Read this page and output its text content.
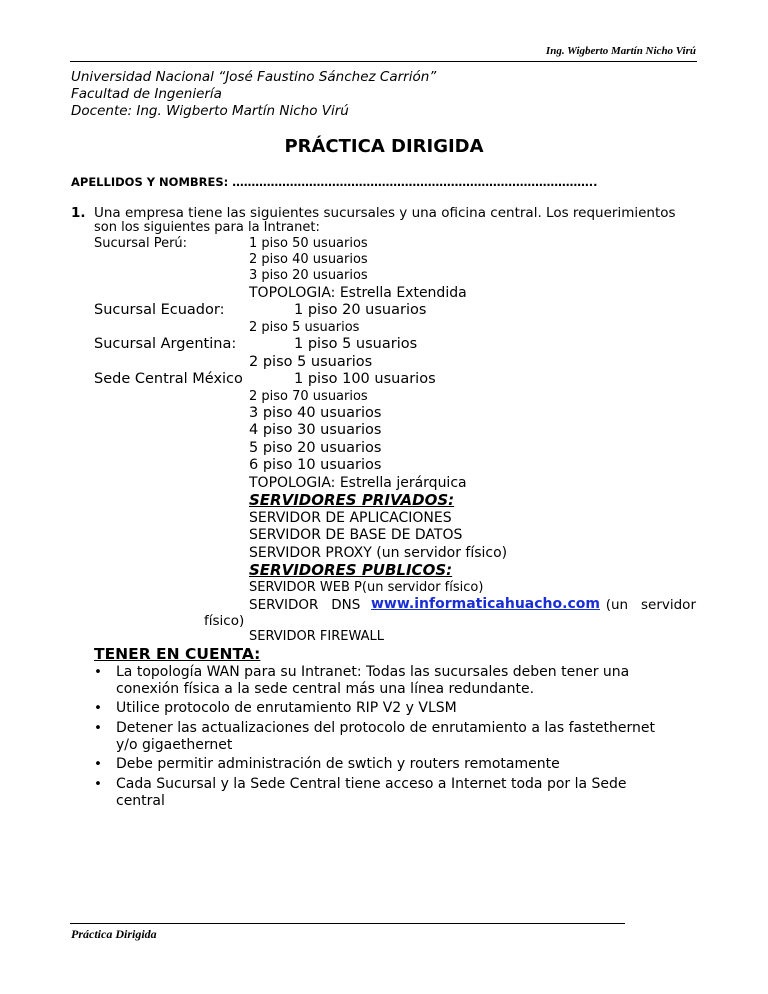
Ing. Wigberto Martín Nicho Virú
Universidad Nacional “José Faustino Sánchez Carrión”
Facultad de Ingeniería
Docente: Ing. Wigberto Martín Nicho Virú
PRÁCTICA DIRIGIDA
APELLIDOS Y NOMBRES: …………………………………………………………………………………..
1. Una empresa tiene las siguientes sucursales y una oficina central. Los requerimientos
son los siguientes para la Intranet:
Sucursal Perú:	1 piso 50 usuarios
2 piso 40 usuarios
3 piso 20 usuarios
TOPOLOGIA: Estrella Extendida
Sucursal Ecuador:	1 piso 20 usuarios
2 piso 5 usuarios
Sucursal Argentina:	1 piso 5 usuarios
2 piso 5 usuarios
Sede Central México	1 piso 100 usuarios
2 piso 70 usuarios
3 piso 40 usuarios
4 piso 30 usuarios
5 piso 20 usuarios
6 piso 10 usuarios
TOPOLOGIA: Estrella jerárquica
SERVIDORES PRIVADOS:
SERVIDOR DE APLICACIONES
SERVIDOR DE BASE DE DATOS
SERVIDOR PROXY (un servidor físico)
SERVIDORES PUBLICOS:
SERVIDOR WEB P(un servidor físico)
SERVIDOR   DNS www.informaticahuacho.com (un   servidor
físico)
SERVIDOR FIREWALL
TENER EN CUENTA:
• La topología WAN para su Intranet: Todas las sucursales deben tener una
conexión física a la sede central más una línea redundante.
• Utilice protocolo de enrutamiento RIP V2 y VLSM
• Detener las actualizaciones del protocolo de enrutamiento a las fastethernet
y/o gigaethernet
• Debe permitir administración de swtich y routers remotamente
• Cada Sucursal y la Sede Central tiene acceso a Internet toda por la Sede
central
Práctica Dirigida
